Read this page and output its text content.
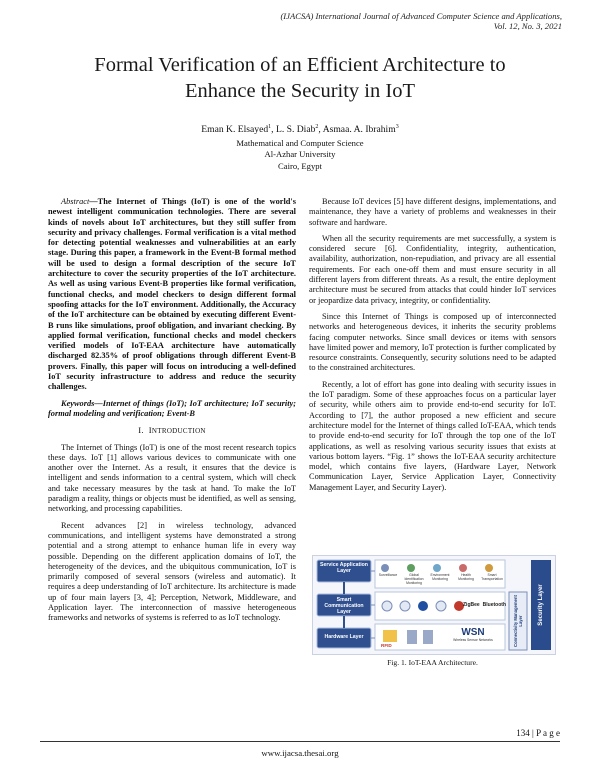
(IJACSA) International Journal of Advanced Computer Science and Applications,
Vol. 12, No. 3, 2021
Formal Verification of an Efficient Architecture to
Enhance the Security in IoT
Eman K. Elsayed$^1$, L. S. Diab$^2$, Asmaa. A. Ibrahim$^3$
Mathematical and Computer Science
Al-Azhar University
Cairo, Egypt

Abstract—The Internet of Things (IoT) is one of the world's newest intelligent communication technologies. There are several kinds of novels about IoT architectures, but they still suffer from security and privacy challenges. Formal verification is a vital method for detecting potential weaknesses and vulnerabilities at an early stage. During this paper, a framework in the Event-B formal method will be used to design a formal description of the secure IoT architecture to cover the security properties of the IoT architecture. As well as using various Event-B properties like formal verification, functional checks, and model checkers to design different formal spoofing attacks for the IoT environment. Additionally, the Accuracy of the IoT architecture can be obtained by executing different Event-B runs like simulations, proof obligation, and invariant checking. By applied formal verification, functional checks and model checkers verified models of IoT-EAA architecture have automatically discharged 82.35% of proof obligations through different Event-B provers. Finally, this paper will focus on introducing a well-defined IoT security infrastructure to address and reduce the security challenges.

Keywords—Internet of things (IoT); IoT architecture; IoT security; formal modeling and verification; Event-B

I. INTRODUCTION

The Internet of Things (IoT) is one of the most recent research topics these days. IoT [1] allows various devices to communicate with one another over the Internet. As a result, it ensures that the device is intelligent and sends information to a central system, which will check and take necessary measures by the task at hand. To make the IoT paradigm a reality, things or objects must be identified, as well as sensing, networking, and processing capabilities.

Recent advances [2] in wireless technology, advanced communications, and intelligent systems have demonstrated a strong potential and a strong attempt to enhance human life in every way possible. Depending on the different application domains of IoT, the heterogeneity of the devices, and the ubiquitous communication, IoT is primarily composed of several sensors (wireless and automatic). It requires a deep understanding of IoT architecture. Its architecture is made up of four main layers [3, 4]; Perception, Network, Middleware, and Application layer. The interconnection of massive heterogeneous frameworks and networks of systems is referred to as IoT technology.

Because IoT devices [5] have different designs, implementations, and maintenance, they have a variety of problems and weaknesses in their software and hardware.

When all the security requirements are met successfully, a system is considered secure [6]. Confidentiality, integrity, authentication, availability, authorization, non-repudiation, and privacy are all essential requirements. For each one-off them and must ensure security in all different layers from different threats. As a result, the entire deployment architecture must be secured from attacks that could hinder IoT services or jeopardize data privacy, integrity, or confidentiality.

Since this Internet of Things is composed up of interconnected networks and heterogeneous devices, it inherits the security problems facing computer networks. Since small devices or items with sensors have limited power and memory, IoT protection is further complicated by resource constraints. Consequently, security solutions need to be adapted to the constrained architectures.

Recently, a lot of effort has gone into dealing with security issues in the IoT paradigm. Some of these approaches focus on a particular layer of security, while others aim to provide end-to-end security for IoT. According to [7], the author proposed a new efficient and secure architecture model for the Internet of things called IoT-EAA, which tends to provide end-to-end security for IoT through the top one of the IoT applications, as well as resolving various security issues that exists at various bottom layers. “Fig. 1” shows the IoT-EAA security architecture model, which contains five layers, (Hardware Layer, Network Communication Layer, Service Application Layer, Connectivity Management Layer, and Security Layer).

Service Application Layer
Smart Communication Layer
Hardware Layer
Surveillance	Global Identification Monitoring
Environment Monitoring
Health Monitoring
Smart Transportation
ZigBee Bluetooth
RFID
WSN
Wireless Sensor Networks	Connectivity Management Layer	Security Layer
Fig. 1. IoT-EAA Architecture.
134 | P a g e
www.ijacsa.thesai.org
